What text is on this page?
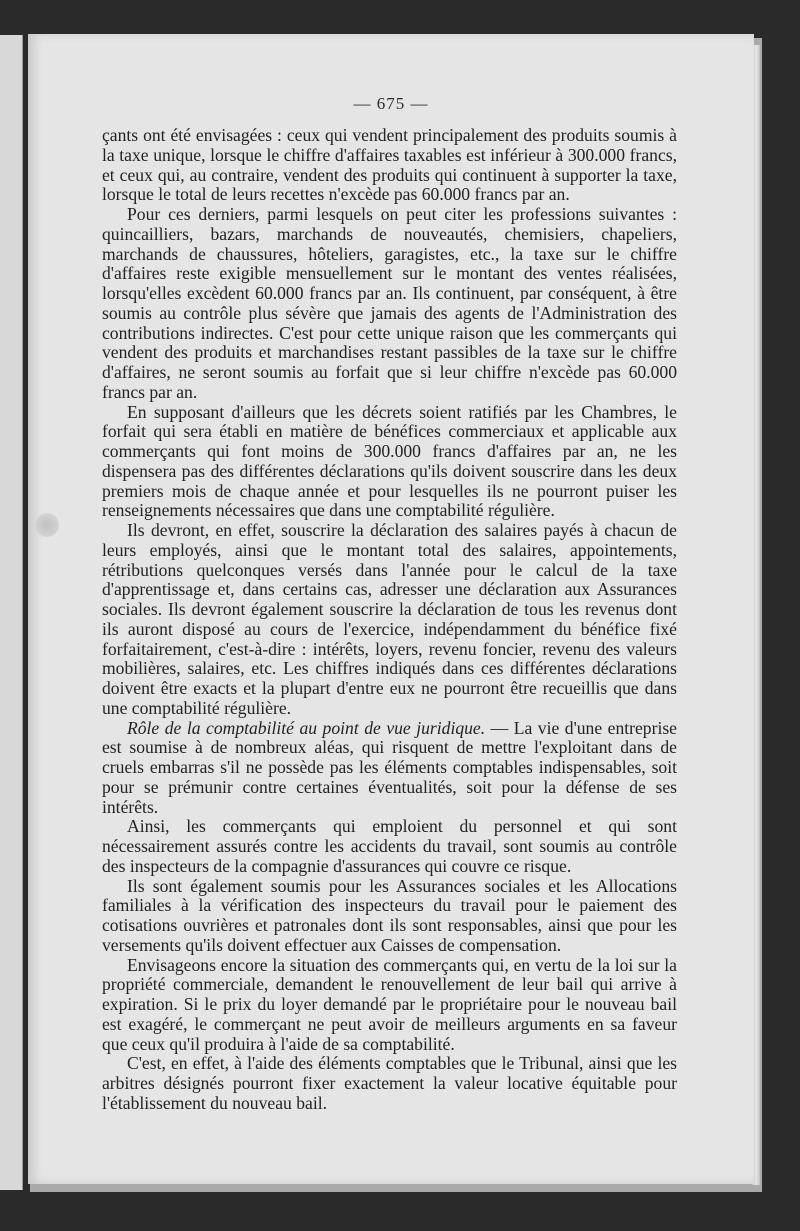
— 675 —

çants ont été envisagées : ceux qui vendent principalement des produits soumis à la taxe unique, lorsque le chiffre d'affaires taxables est inférieur à 300.000 francs, et ceux qui, au contraire, vendent des produits qui continuent à supporter la taxe, lorsque le total de leurs recettes n'excède pas 60.000 francs par an.

Pour ces derniers, parmi lesquels on peut citer les professions suivantes : quincailliers, bazars, marchands de nouveautés, chemisiers, chapeliers, marchands de chaussures, hôteliers, garagistes, etc., la taxe sur le chiffre d'affaires reste exigible mensuellement sur le montant des ventes réalisées, lorsqu'elles excèdent 60.000 francs par an. Ils continuent, par conséquent, à être soumis au contrôle plus sévère que jamais des agents de l'Administration des contributions indirectes. C'est pour cette unique raison que les commerçants qui vendent des produits et marchandises restant passibles de la taxe sur le chiffre d'affaires, ne seront soumis au forfait que si leur chiffre n'excède pas 60.000 francs par an.

En supposant d'ailleurs que les décrets soient ratifiés par les Chambres, le forfait qui sera établi en matière de bénéfices commerciaux et applicable aux commerçants qui font moins de 300.000 francs d'affaires par an, ne les dispensera pas des différentes déclarations qu'ils doivent souscrire dans les deux premiers mois de chaque année et pour lesquelles ils ne pourront puiser les renseignements nécessaires que dans une comptabilité régulière.

Ils devront, en effet, souscrire la déclaration des salaires payés à chacun de leurs employés, ainsi que le montant total des salaires, appointements, rétributions quelconques versés dans l'année pour le calcul de la taxe d'apprentissage et, dans certains cas, adresser une déclaration aux Assurances sociales. Ils devront également souscrire la déclaration de tous les revenus dont ils auront disposé au cours de l'exercice, indépendamment du bénéfice fixé forfaitairement, c'est-à-dire : intérêts, loyers, revenu foncier, revenu des valeurs mobilières, salaires, etc. Les chiffres indiqués dans ces différentes déclarations doivent être exacts et la plupart d'entre eux ne pourront être recueillis que dans une comptabilité régulière.

Rôle de la comptabilité au point de vue juridique. — La vie d'une entreprise est soumise à de nombreux aléas, qui risquent de mettre l'exploitant dans de cruels embarras s'il ne possède pas les éléments comptables indispensables, soit pour se prémunir contre certaines éventualités, soit pour la défense de ses intérêts.

Ainsi, les commerçants qui emploient du personnel et qui sont nécessairement assurés contre les accidents du travail, sont soumis au contrôle des inspecteurs de la compagnie d'assurances qui couvre ce risque.

Ils sont également soumis pour les Assurances sociales et les Allocations familiales à la vérification des inspecteurs du travail pour le paiement des cotisations ouvrières et patronales dont ils sont responsables, ainsi que pour les versements qu'ils doivent effectuer aux Caisses de compensation.

Envisageons encore la situation des commerçants qui, en vertu de la loi sur la propriété commerciale, demandent le renouvellement de leur bail qui arrive à expiration. Si le prix du loyer demandé par le propriétaire pour le nouveau bail est exagéré, le commerçant ne peut avoir de meilleurs arguments en sa faveur que ceux qu'il produira à l'aide de sa comptabilité.

C'est, en effet, à l'aide des éléments comptables que le Tribunal, ainsi que les arbitres désignés pourront fixer exactement la valeur locative équitable pour l'établissement du nouveau bail.
